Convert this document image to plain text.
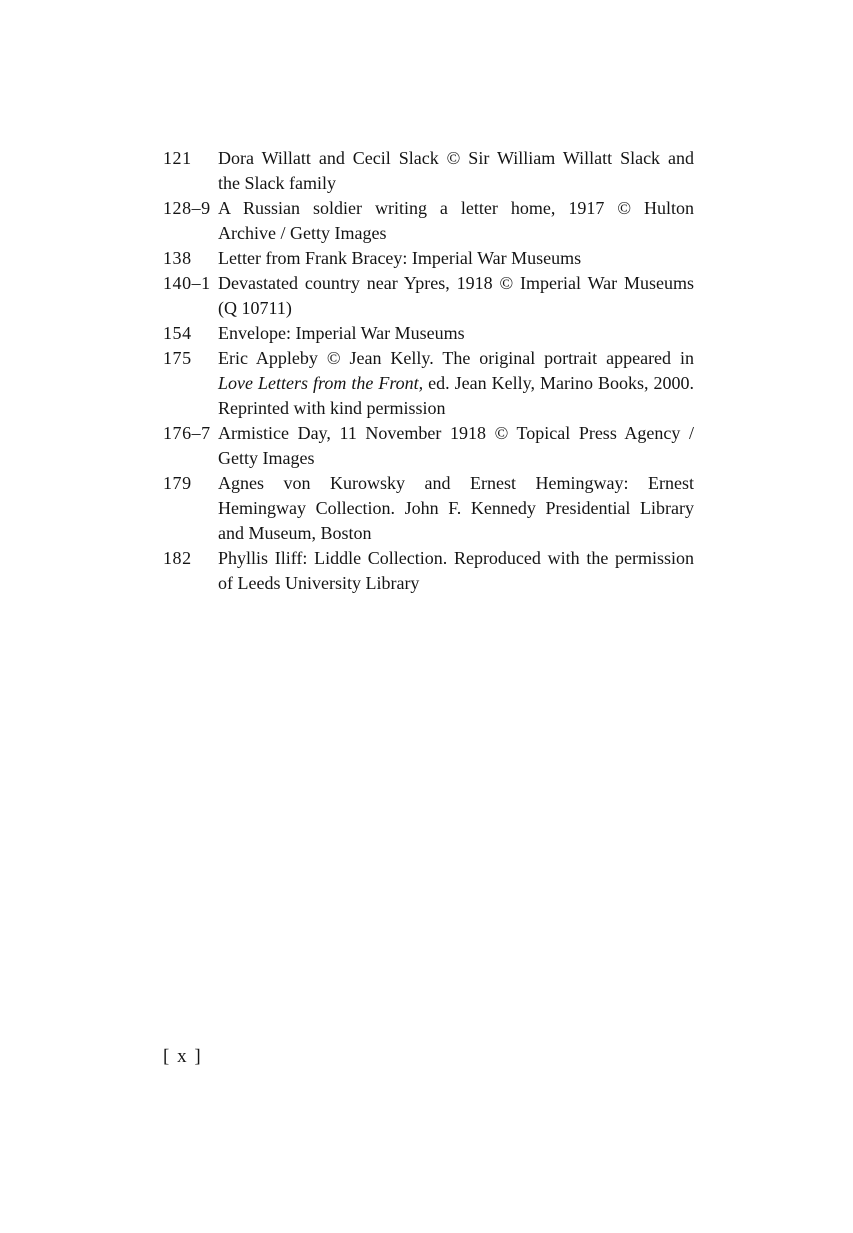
121 Dora Willatt and Cecil Slack © Sir William Willatt Slack and
the Slack family
128–9 A Russian soldier writing a letter home, 1917 © Hulton
Archive / Getty Images
138 Letter from Frank Bracey: Imperial War Museums
140–1 Devastated country near Ypres, 1918 © Imperial War Museums
(Q 10711)
154 Envelope: Imperial War Museums
175 Eric Appleby © Jean Kelly. The original portrait appeared in
Love Letters from the Front, ed. Jean Kelly, Marino Books, 2000.
Reprinted with kind permission
176–7 Armistice Day, 11 November 1918 © Topical Press Agency /
Getty Images
179 Agnes von Kurowsky and Ernest Hemingway: Ernest
Hemingway Collection. John F. Kennedy Presidential Library
and Museum, Boston
182 Phyllis Iliff: Liddle Collection. Reproduced with the permission
of Leeds University Library
[ x ]
